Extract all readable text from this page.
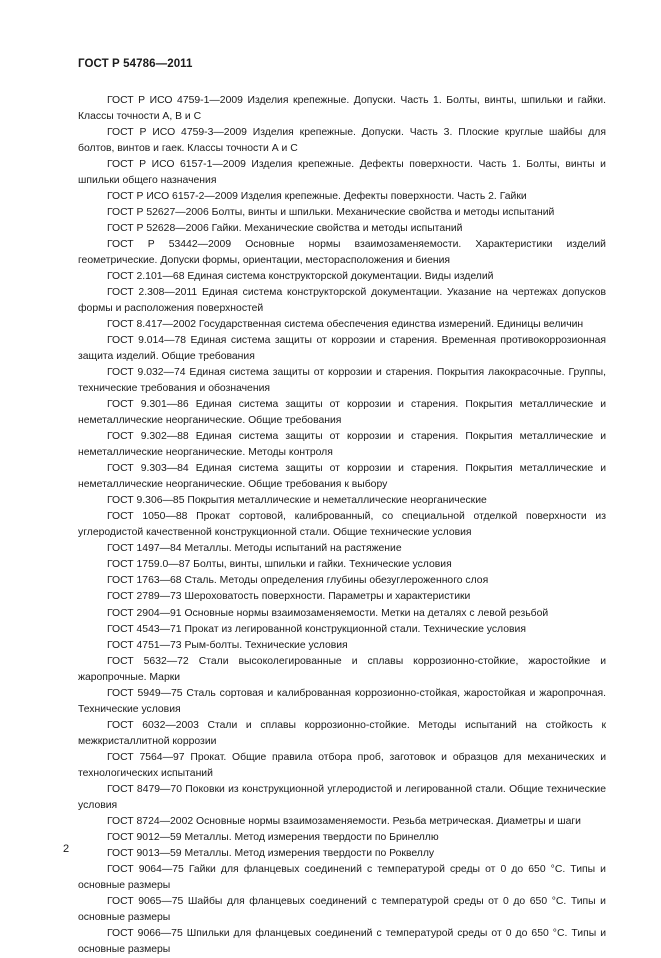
ГОСТ Р 54786—2011

ГОСТ Р ИСО 4759-1—2009 Изделия крепежные. Допуски. Часть 1. Болты, винты, шпильки и гайки. Классы точности А, В и С

ГОСТ Р ИСО 4759-3—2009 Изделия крепежные. Допуски. Часть 3. Плоские круглые шайбы для болтов, винтов и гаек. Классы точности А и С

ГОСТ Р ИСО 6157-1—2009 Изделия крепежные. Дефекты поверхности. Часть 1. Болты, винты и шпильки общего назначения

ГОСТ Р ИСО 6157-2—2009 Изделия крепежные. Дефекты поверхности. Часть 2. Гайки

ГОСТ Р 52627—2006 Болты, винты и шпильки. Механические свойства и методы испытаний

ГОСТ Р 52628—2006 Гайки. Механические свойства и методы испытаний

ГОСТ Р 53442—2009 Основные нормы взаимозаменяемости. Характеристики изделий геометрические. Допуски формы, ориентации, месторасположения и биения

ГОСТ 2.101—68 Единая система конструкторской документации. Виды изделий

ГОСТ 2.308—2011 Единая система конструкторской документации. Указание на чертежах допусков формы и расположения поверхностей

ГОСТ 8.417—2002 Государственная система обеспечения единства измерений. Единицы величин

ГОСТ 9.014—78 Единая система защиты от коррозии и старения. Временная противокоррозионная защита изделий. Общие требования

ГОСТ 9.032—74 Единая система защиты от коррозии и старения. Покрытия лакокрасочные. Группы, технические требования и обозначения

ГОСТ 9.301—86 Единая система защиты от коррозии и старения. Покрытия металлические и неметаллические неорганические. Общие требования

ГОСТ 9.302—88 Единая система защиты от коррозии и старения. Покрытия металлические и неметаллические неорганические. Методы контроля

ГОСТ 9.303—84 Единая система защиты от коррозии и старения. Покрытия металлические и неметаллические неорганические. Общие требования к выбору

ГОСТ 9.306—85 Покрытия металлические и неметаллические неорганические

ГОСТ 1050—88 Прокат сортовой, калиброванный, со специальной отделкой поверхности из углеродистой качественной конструкционной стали. Общие технические условия

ГОСТ 1497—84 Металлы. Методы испытаний на растяжение

ГОСТ 1759.0—87 Болты, винты, шпильки и гайки. Технические условия

ГОСТ 1763—68 Сталь. Методы определения глубины обезуглероженного слоя

ГОСТ 2789—73 Шероховатость поверхности. Параметры и характеристики

ГОСТ 2904—91 Основные нормы взаимозаменяемости. Метки на деталях с левой резьбой

ГОСТ 4543—71 Прокат из легированной конструкционной стали. Технические условия

ГОСТ 4751—73 Рым-болты. Технические условия

ГОСТ 5632—72 Стали высоколегированные и сплавы коррозионно-стойкие, жаростойкие и жаропрочные. Марки

ГОСТ 5949—75 Сталь сортовая и калиброванная коррозионно-стойкая, жаростойкая и жаропрочная. Технические условия

ГОСТ 6032—2003 Стали и сплавы коррозионно-стойкие. Методы испытаний на стойкость к межкристаллитной коррозии

ГОСТ 7564—97 Прокат. Общие правила отбора проб, заготовок и образцов для механических и технологических испытаний

ГОСТ 8479—70 Поковки из конструкционной углеродистой и легированной стали. Общие технические условия

ГОСТ 8724—2002 Основные нормы взаимозаменяемости. Резьба метрическая. Диаметры и шаги

ГОСТ 9012—59 Металлы. Метод измерения твердости по Бринеллю

ГОСТ 9013—59 Металлы. Метод измерения твердости по Роквеллу

ГОСТ 9064—75 Гайки для фланцевых соединений с температурой среды от 0 до 650 °С. Типы и основные размеры

ГОСТ 9065—75 Шайбы для фланцевых соединений с температурой среды от 0 до 650 °С. Типы и основные размеры

ГОСТ 9066—75 Шпильки для фланцевых соединений с температурой среды от 0 до 650 °С. Типы и основные размеры

2
